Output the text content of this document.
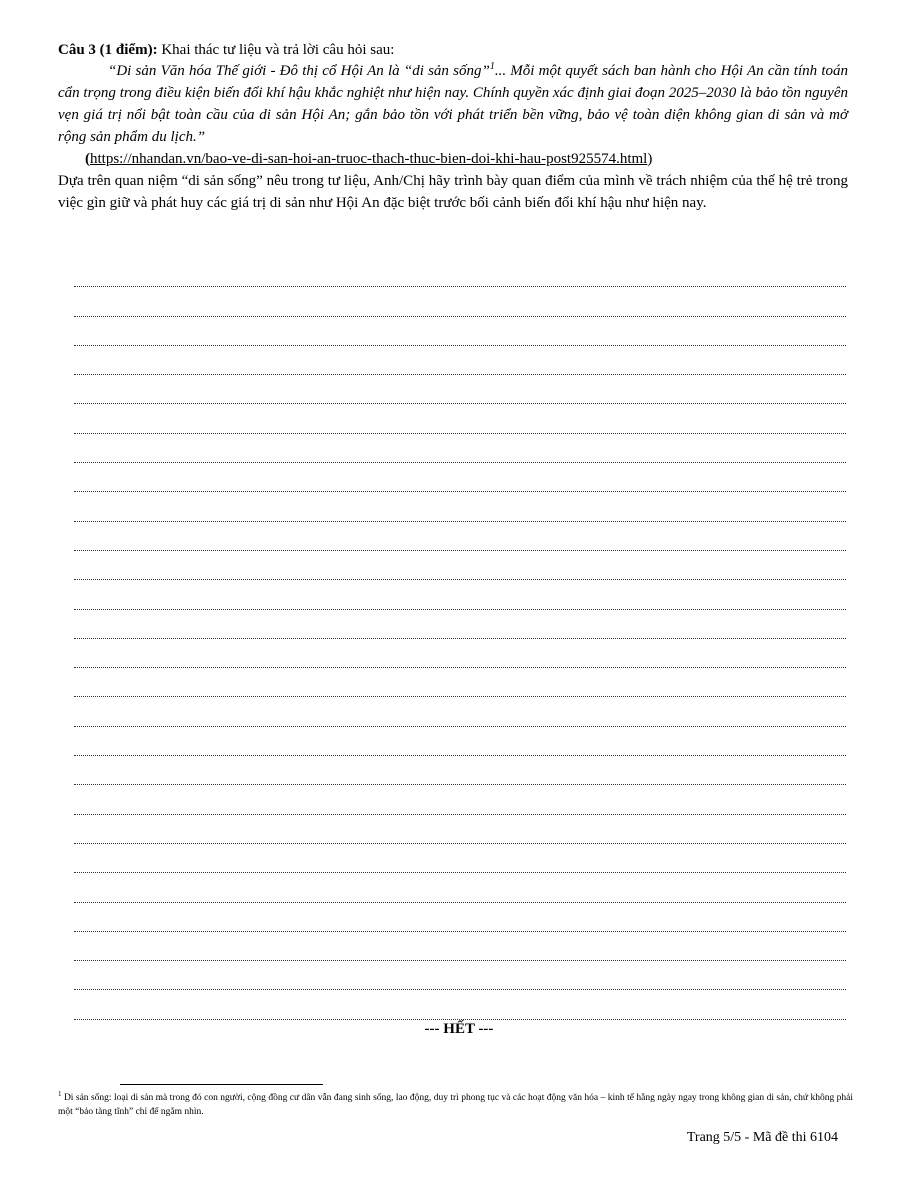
Câu 3 (1 điểm): Khai thác tư liệu và trả lời câu hỏi sau:

“Di sản Văn hóa Thế giới - Đô thị cổ Hội An là “di sản sống”$^1$... Mỗi một quyết sách ban hành cho Hội An cần tính toán cẩn trọng trong điều kiện biến đổi khí hậu khắc nghiệt như hiện nay. Chính quyền xác định giai đoạn 2025–2030 là bảo tồn nguyên vẹn giá trị nổi bật toàn cầu của di sản Hội An; gắn bảo tồn với phát triển bền vững, bảo vệ toàn diện không gian di sản và mở rộng sản phẩm du lịch.”

(https://nhandan.vn/bao-ve-di-san-hoi-an-truoc-thach-thuc-bien-doi-khi-hau-post925574.html)

Dựa trên quan niệm “di sản sống” nêu trong tư liệu, Anh/Chị hãy trình bày quan điểm của mình về trách nhiệm của thế hệ trẻ trong việc gìn giữ và phát huy các giá trị di sản như Hội An đặc biệt trước bối cảnh biến đổi khí hậu như hiện nay.

--- HẾT ---
$^1$ Di sản sống: loại di sản mà trong đó con người, cộng đồng cư dân vẫn đang sinh sống, lao động, duy trì phong tục và các hoạt động văn hóa – kinh tế hằng ngày ngay trong không gian di sản, chứ không phải một “bảo tàng tĩnh” chỉ để ngắm nhìn.
Trang 5/5 - Mã đề thi 6104
